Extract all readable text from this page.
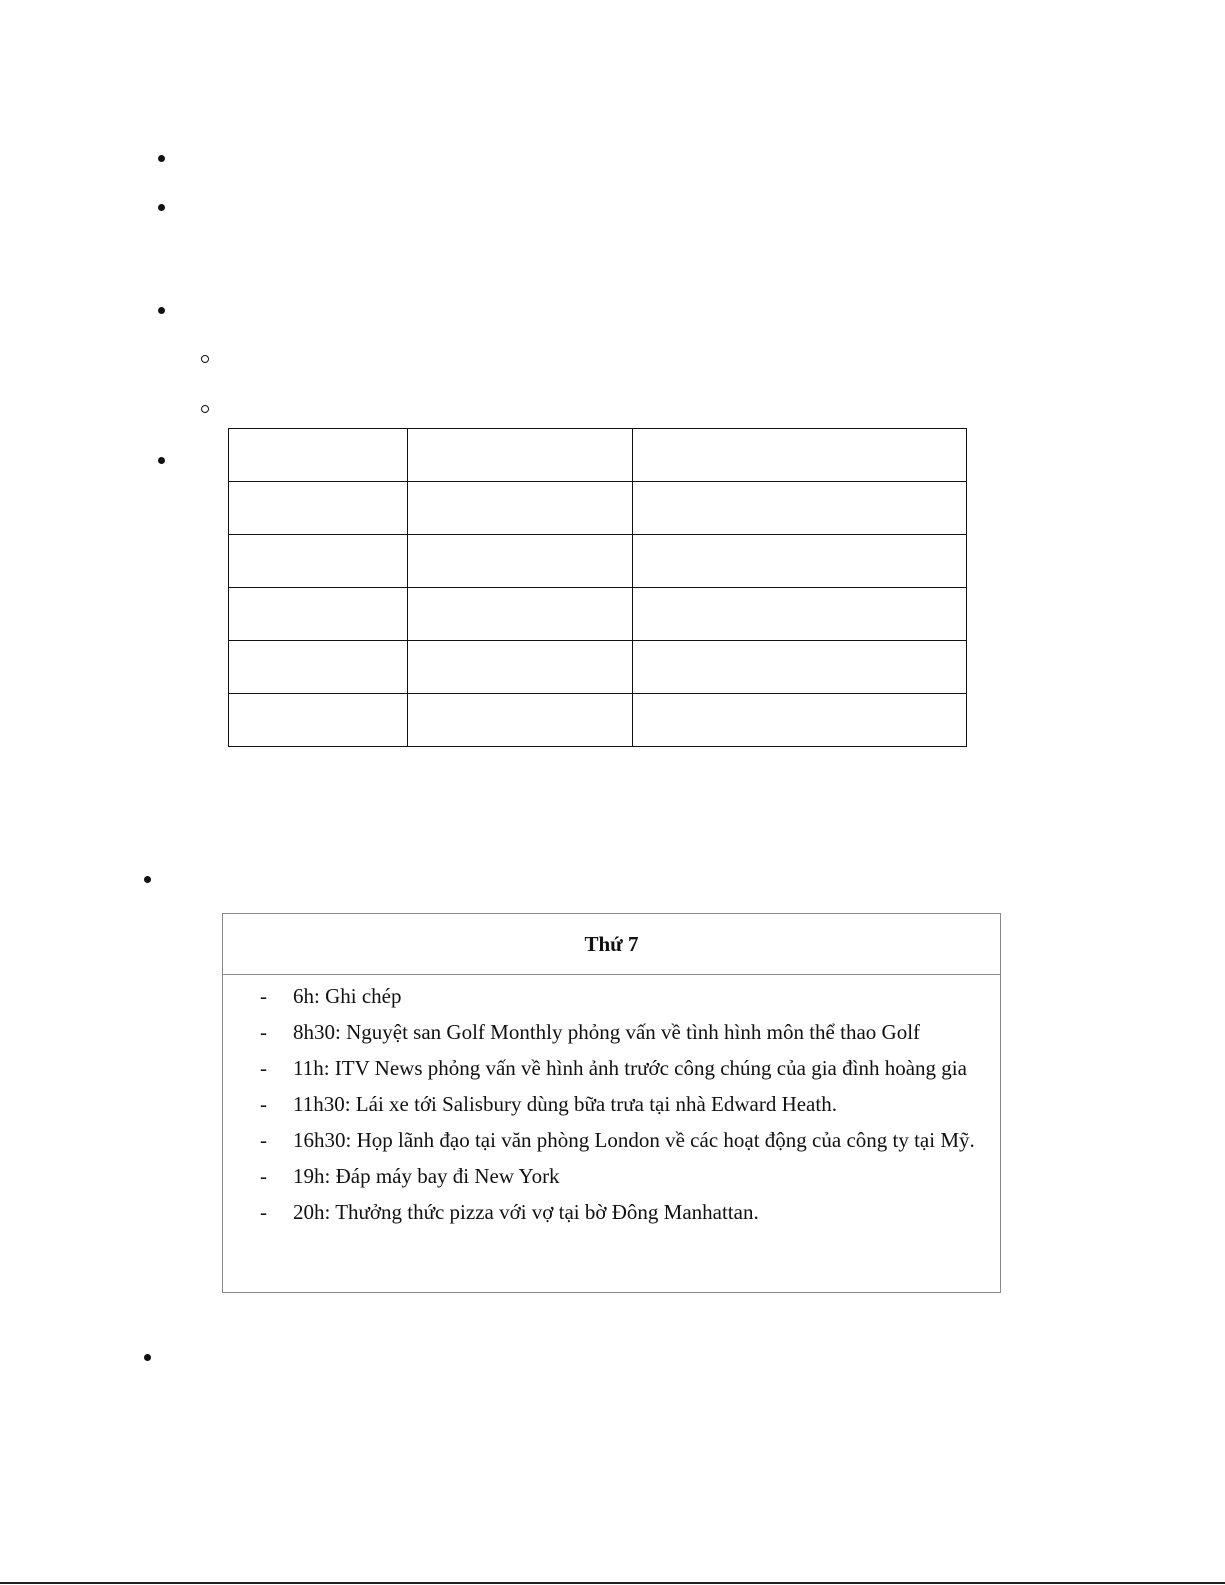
Thứ 7
- 6h: Ghi chép
- 8h30: Nguyệt san Golf Monthly phỏng vấn về tình hình môn thể thao Golf
- 11h: ITV News phỏng vấn về hình ảnh trước công chúng của gia đình hoàng gia
- 11h30: Lái xe tới Salisbury dùng bữa trưa tại nhà Edward Heath.
- 16h30: Họp lãnh đạo tại văn phòng London về các hoạt động của công ty tại Mỹ.
- 19h: Đáp máy bay đi New York
- 20h: Thưởng thức pizza với vợ tại bờ Đông Manhattan.
